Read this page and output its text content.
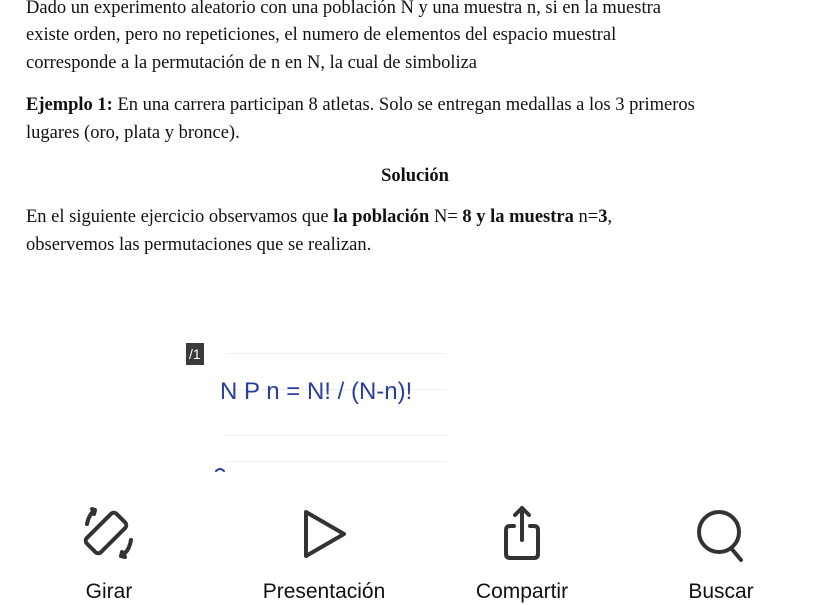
Dado un experimento aleatorio con una población N y una muestra n, si en la muestra
existe orden, pero no repeticiones, el numero de elementos del espacio muestral
corresponde a la permutación de n en N, la cual de simboliza
Ejemplo 1: En una carrera participan 8 atletas. Solo se entregan medallas a los 3 primeros
lugares (oro, plata y bronce).
Solución
En el siguiente ejercicio observamos que la población N= 8 y la muestra n=3,
observemos las permutaciones que se realizan.
/1
N P n = N! / (N-n)!
Girar	Presentación	Compartir	Buscar
